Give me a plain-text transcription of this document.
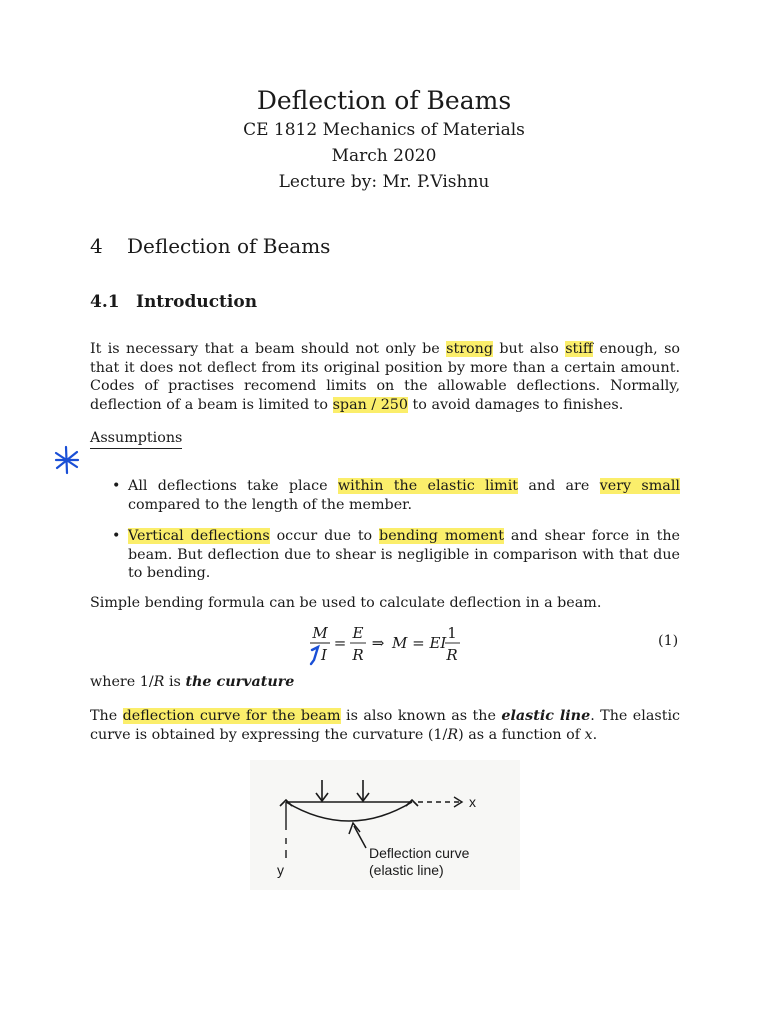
Deflection of Beams
CE 1812 Mechanics of Materials
March 2020
Lecture by: Mr. P.Vishnu
4 Deflection of Beams
4.1 Introduction
It is necessary that a beam should not only be strong but also stiff enough, so that it does not deflect from its original position by more than a certain amount. Codes of practises recomend limits on the allowable deflections. Normally, deflection of a beam is limited to span / 250 to avoid damages to finishes.
Assumptions
• All deflections take place within the elastic limit and are very small compared to the length of the member.
• Vertical deflections occur due to bending moment and shear force in the beam. But deflection due to shear is negligible in comparison with that due to bending.
Simple bending formula can be used to calculate deflection in a beam.
M
I
=
E
R
⇒ M = EI
1
R
(1)
where 1/R is the curvature
The deflection curve for the beam is also known as the elastic line. The elastic curve is obtained by expressing the curvature (1/R) as a function of x.
x
y
Deflection curve
(elastic line)
